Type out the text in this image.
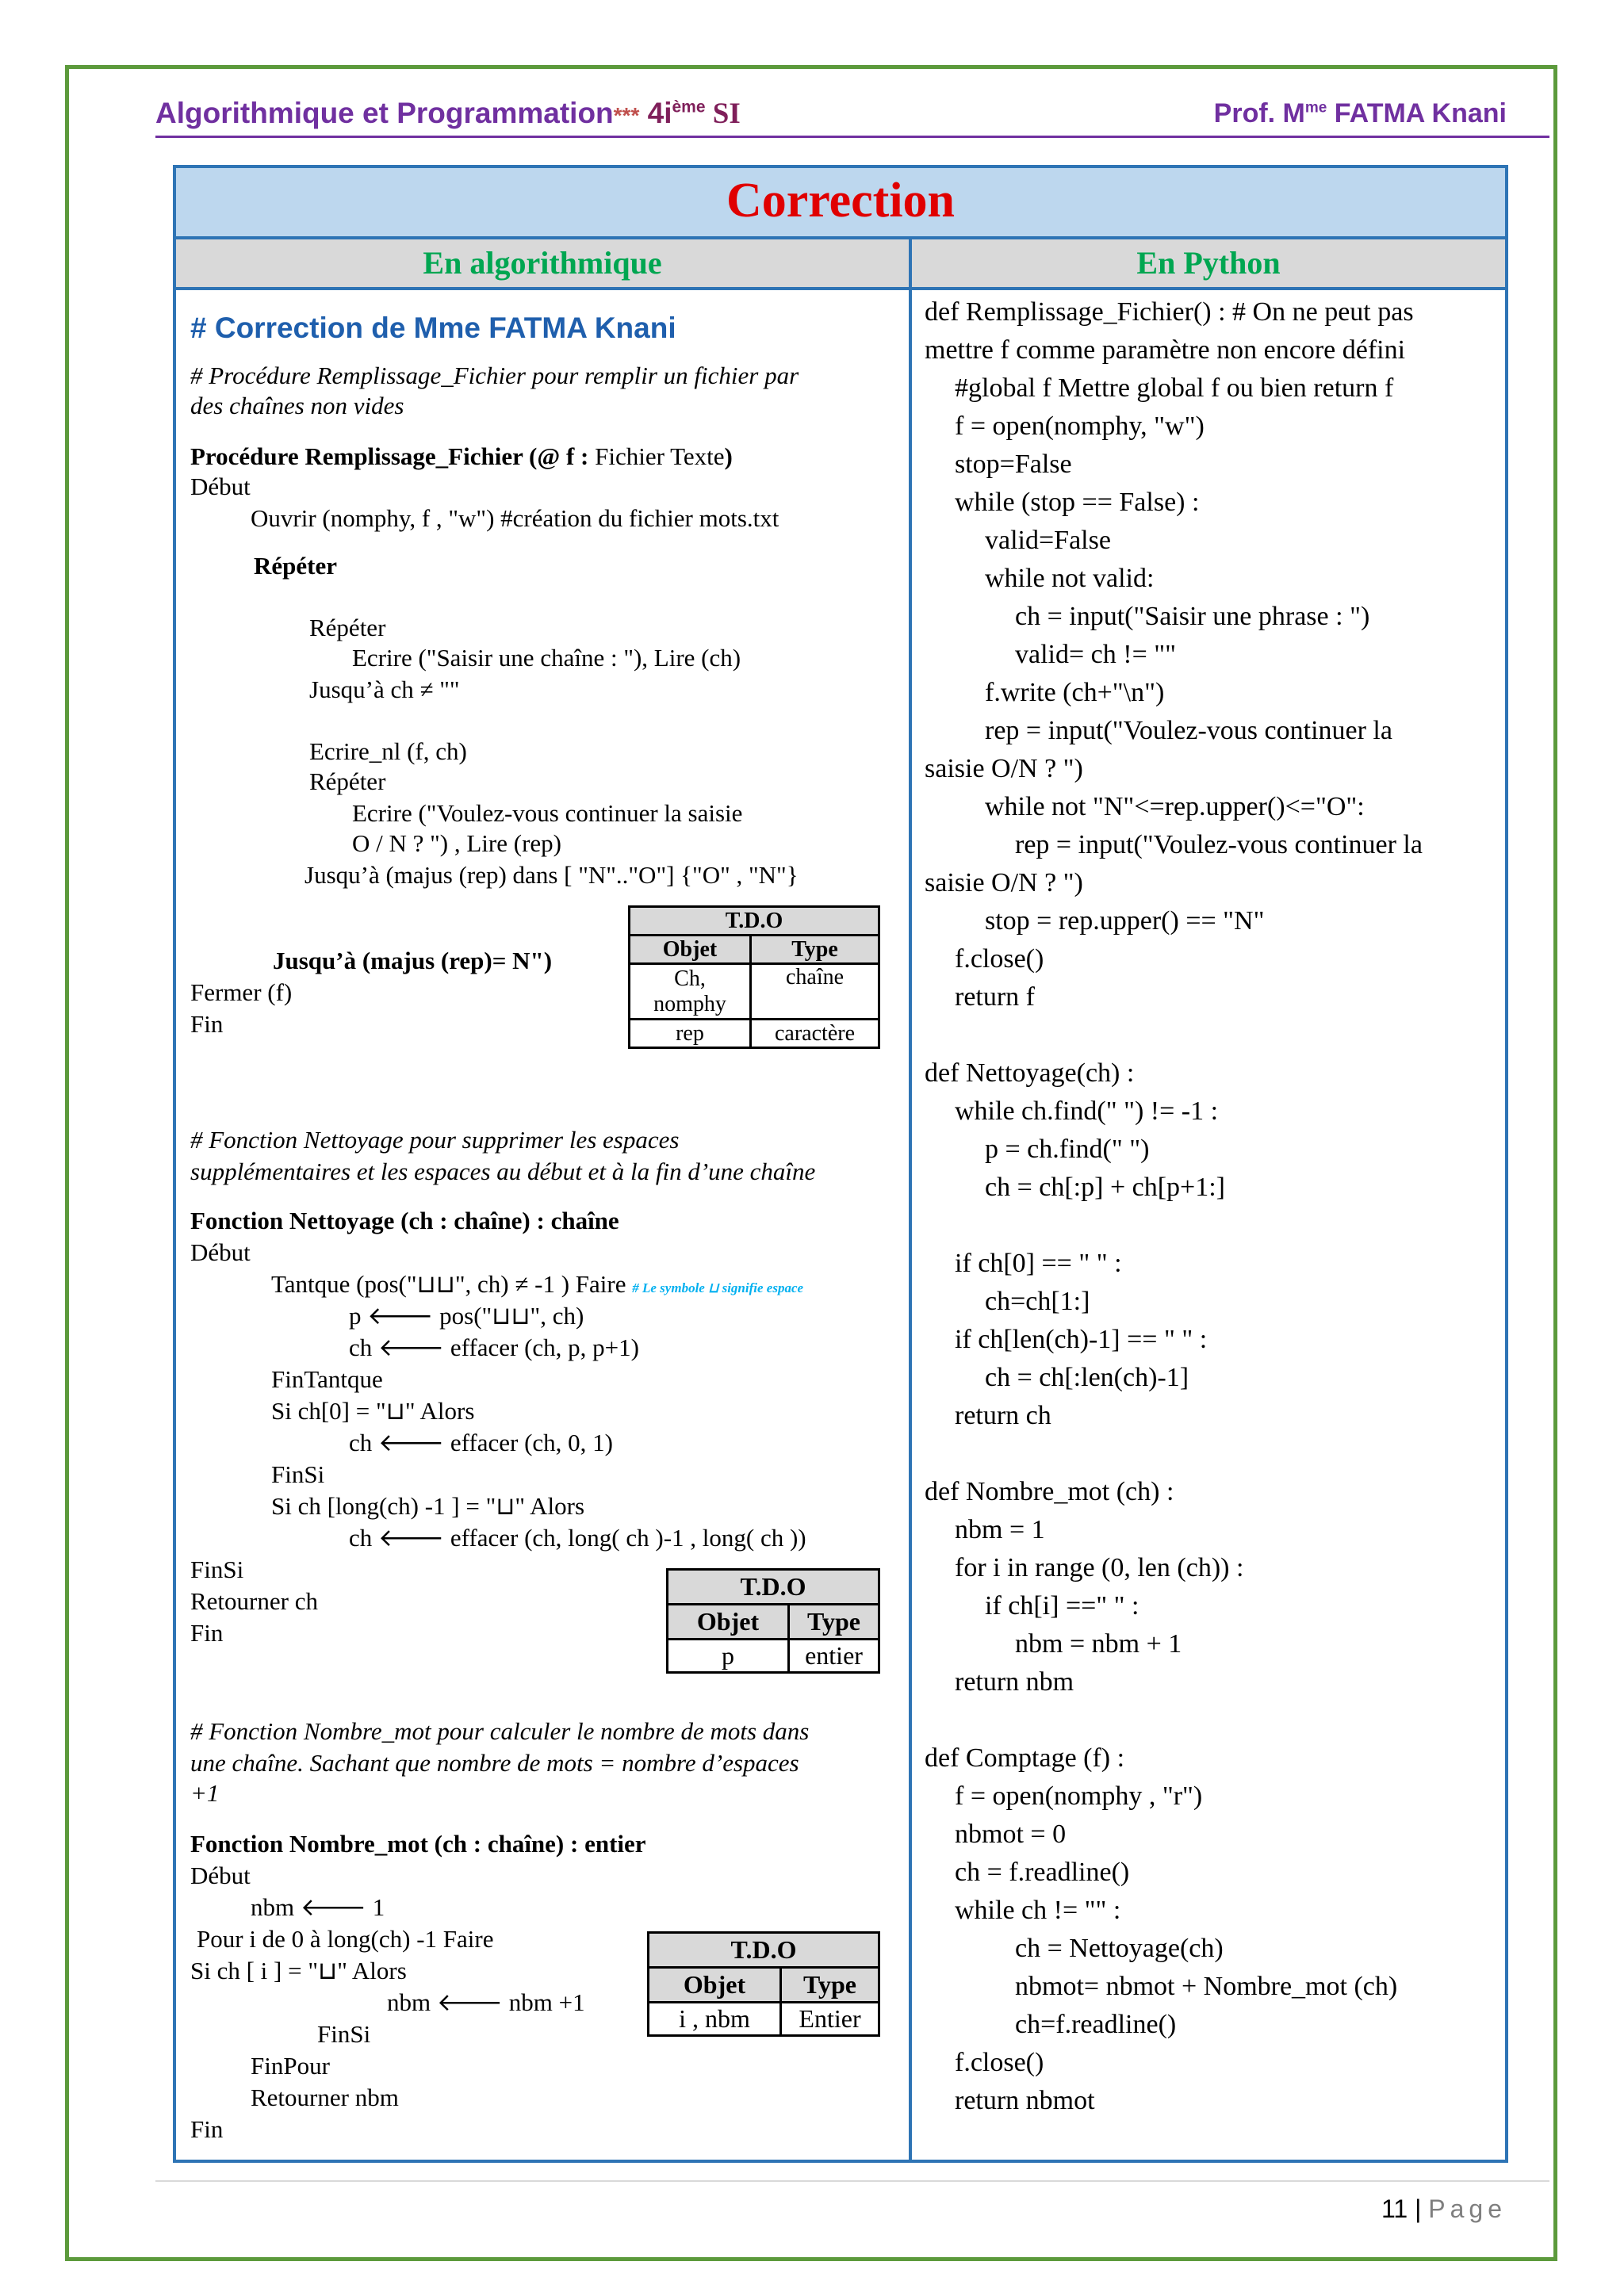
Algorithmique et Programmation*** $4i^{ème}$ SI	Prof. $M^{me}$ FATMA Knani
Correction
En algorithmique	En Python
# Correction de Mme FATMA Knani
# Procédure Remplissage_Fichier pour remplir un fichier par
des chaînes non vides
Procédure Remplissage_Fichier (@ f : Fichier Texte)
Début
Ouvrir (nomphy, f , "w") #création du fichier mots.txt
Répéter
Répéter
Ecrire ("Saisir une chaîne : "), Lire (ch)
Jusqu’à ch ≠ ""
Ecrire_nl (f, ch)
Répéter
Ecrire ("Voulez-vous continuer la saisie
O / N ? ") , Lire (rep)
Jusqu’à (majus (rep) dans [ "N".."O"] {"O" , "N"}
Jusqu’à (majus (rep)= N")
Fermer (f)
Fin
T.D.O	
Objet	Type
Ch,
nomphy	chaîne
rep	caractère
# Fonction Nettoyage pour supprimer les espaces
supplémentaires et les espaces au début et à la fin d’une chaîne
Fonction Nettoyage (ch : chaîne) : chaîne
Début
Tantque (pos("⊔⊔", ch) ≠ -1 ) Faire # Le symbole ⊔ signifie espace
p 🡐 pos("⊔⊔", ch)
ch 🡐 effacer (ch, p, p+1)
FinTantque
Si ch[0] = "⊔" Alors
ch 🡐 effacer (ch, 0, 1)
FinSi
Si ch [long(ch) -1 ] = "⊔" Alors
ch 🡐 effacer (ch, long( ch )-1 , long( ch ))
FinSi
Retourner ch
Fin
T.D.O	
Objet	Type
p	entier
# Fonction Nombre_mot pour calculer le nombre de mots dans
une chaîne. Sachant que nombre de mots = nombre d’espaces
+1
Fonction Nombre_mot (ch : chaîne) : entier
Début
nbm 🡐 1
Pour i de 0 à long(ch) -1 Faire
Si ch [ i ] = "⊔" Alors
nbm 🡐 nbm +1
FinSi
FinPour
Retourner nbm
Fin
T.D.O	
Objet	Type
i , nbm	Entier
def Remplissage_Fichier() : # On ne peut pas
mettre f comme paramètre non encore défini
#global f Mettre global f ou bien return f
f = open(nomphy, "w")
stop=False
while (stop == False) :
valid=False
while not valid:
ch = input("Saisir une phrase : ")
valid= ch != ""
f.write (ch+"\n")
rep = input("Voulez-vous continuer la
saisie O/N ? ")
while not "N"<=rep.upper()<="O":
rep = input("Voulez-vous continuer la
saisie O/N ? ")
stop = rep.upper() == "N"
f.close()
return f
def Nettoyage(ch) :
while ch.find(" ") != -1 :
p = ch.find(" ")
ch = ch[:p] + ch[p+1:]
if ch[0] == " " :
ch=ch[1:]
if ch[len(ch)-1] == " " :
ch = ch[:len(ch)-1]
return ch
def Nombre_mot (ch) :
nbm = 1
for i in range (0, len (ch)) :
if ch[i] ==" " :
nbm = nbm + 1
return nbm
def Comptage (f) :
f = open(nomphy , "r")
nbmot = 0
ch = f.readline()
while ch != "" :
ch = Nettoyage(ch)
nbmot= nbmot + Nombre_mot (ch)
ch=f.readline()
f.close()
return nbmot
11 | Page
